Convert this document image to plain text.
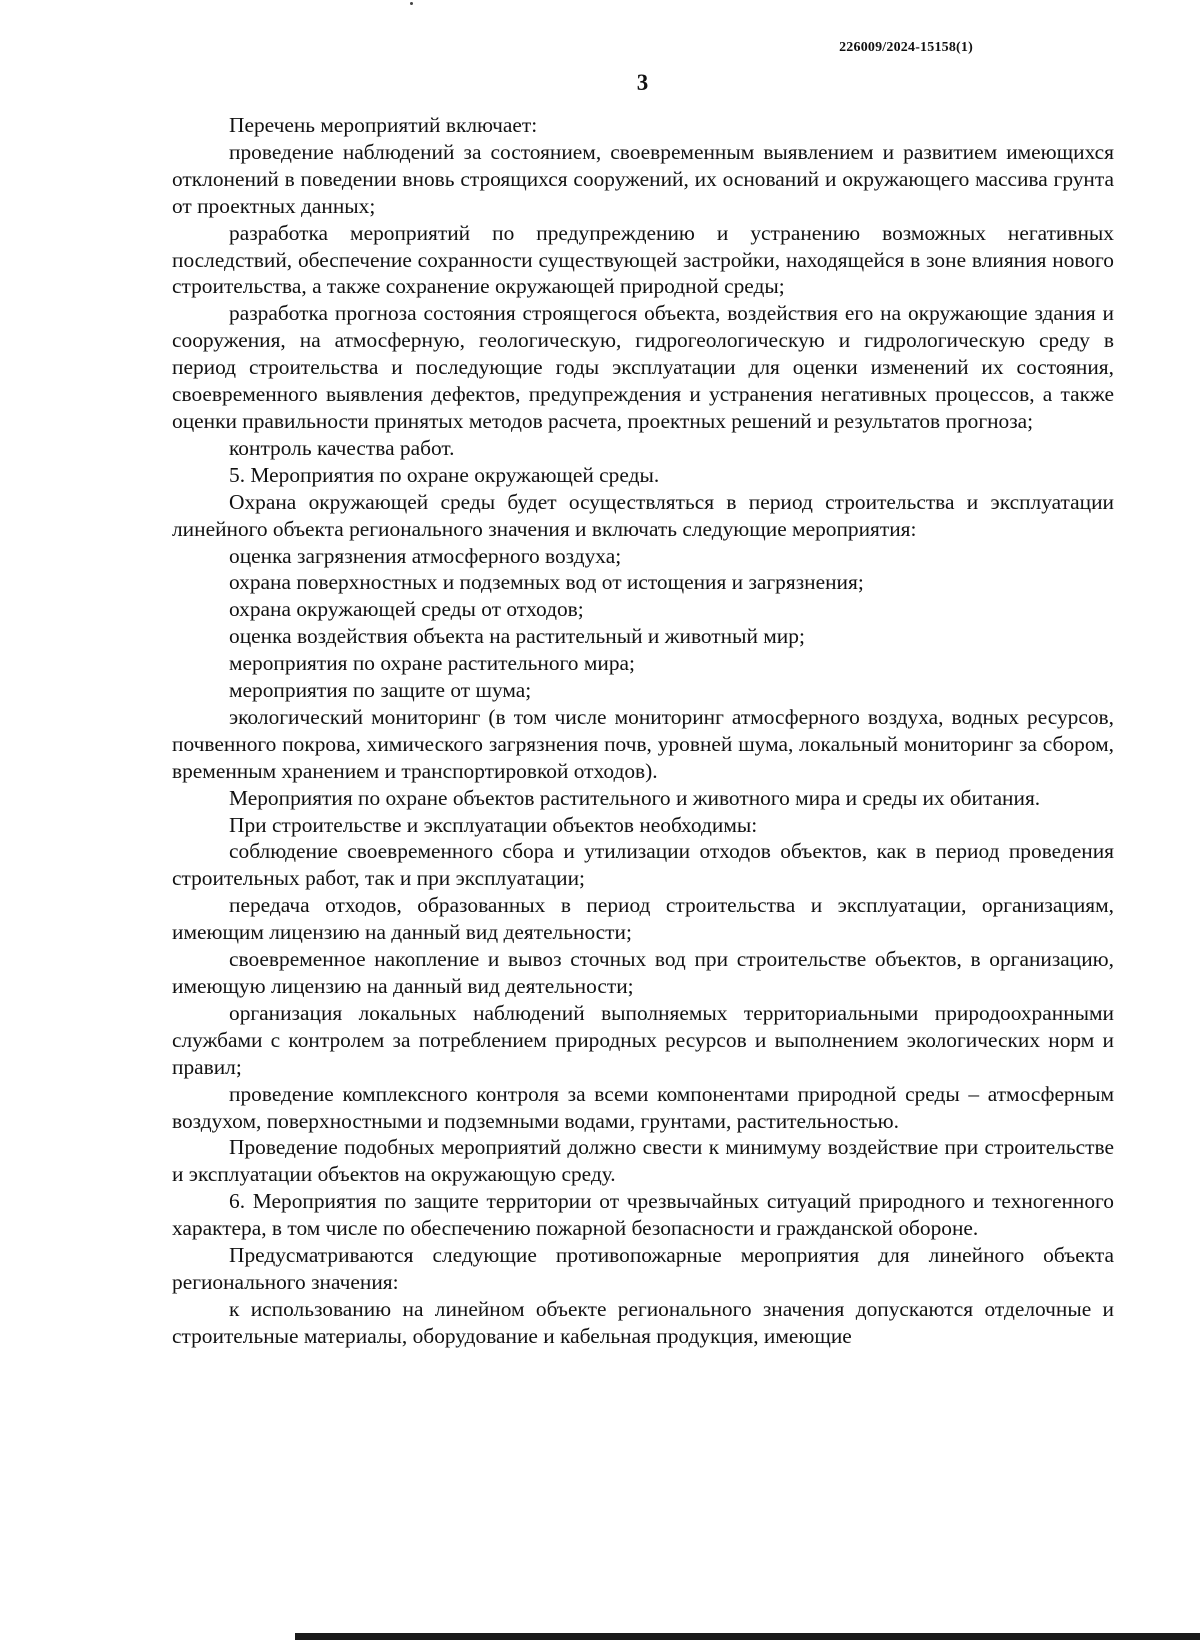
226009/2024-15158(1)
3

Перечень мероприятий включает:

проведение наблюдений за состоянием, своевременным выявлением и развитием имеющихся отклонений в поведении вновь строящихся сооружений, их оснований и окружающего массива грунта от проектных данных;

разработка мероприятий по предупреждению и устранению возможных негативных последствий, обеспечение сохранности существующей застройки, находящейся в зоне влияния нового строительства, а также сохранение окружающей природной среды;

разработка прогноза состояния строящегося объекта, воздействия его на окружающие здания и сооружения, на атмосферную, геологическую, гидрогеологическую и гидрологическую среду в период строительства и последующие годы эксплуатации для оценки изменений их состояния, своевременного выявления дефектов, предупреждения и устранения негативных процессов, а также оценки правильности принятых методов расчета, проектных решений и результатов прогноза;

контроль качества работ.

5. Мероприятия по охране окружающей среды.

Охрана окружающей среды будет осуществляться в период строительства и эксплуатации линейного объекта регионального значения и включать следующие мероприятия:

оценка загрязнения атмосферного воздуха;

охрана поверхностных и подземных вод от истощения и загрязнения;

охрана окружающей среды от отходов;

оценка воздействия объекта на растительный и животный мир;

мероприятия по охране растительного мира;

мероприятия по защите от шума;

экологический мониторинг (в том числе мониторинг атмосферного воздуха, водных ресурсов, почвенного покрова, химического загрязнения почв, уровней шума, локальный мониторинг за сбором, временным хранением и транспортировкой отходов).

Мероприятия по охране объектов растительного и животного мира и среды их обитания.

При строительстве и эксплуатации объектов необходимы:

соблюдение своевременного сбора и утилизации отходов объектов, как в период проведения строительных работ, так и при эксплуатации;

передача отходов, образованных в период строительства и эксплуатации, организациям, имеющим лицензию на данный вид деятельности;

своевременное накопление и вывоз сточных вод при строительстве объектов, в организацию, имеющую лицензию на данный вид деятельности;

организация локальных наблюдений выполняемых территориальными природоохранными службами с контролем за потреблением природных ресурсов и выполнением экологических норм и правил;

проведение комплексного контроля за всеми компонентами природной среды – атмосферным воздухом, поверхностными и подземными водами, грунтами, растительностью.

Проведение подобных мероприятий должно свести к минимуму воздействие при строительстве и эксплуатации объектов на окружающую среду.

6. Мероприятия по защите территории от чрезвычайных ситуаций природного и техногенного характера, в том числе по обеспечению пожарной безопасности и гражданской обороне.

Предусматриваются следующие противопожарные мероприятия для линейного объекта регионального значения:

к использованию на линейном объекте регионального значения допускаются отделочные и строительные материалы, оборудование и кабельная продукция, имеющие
